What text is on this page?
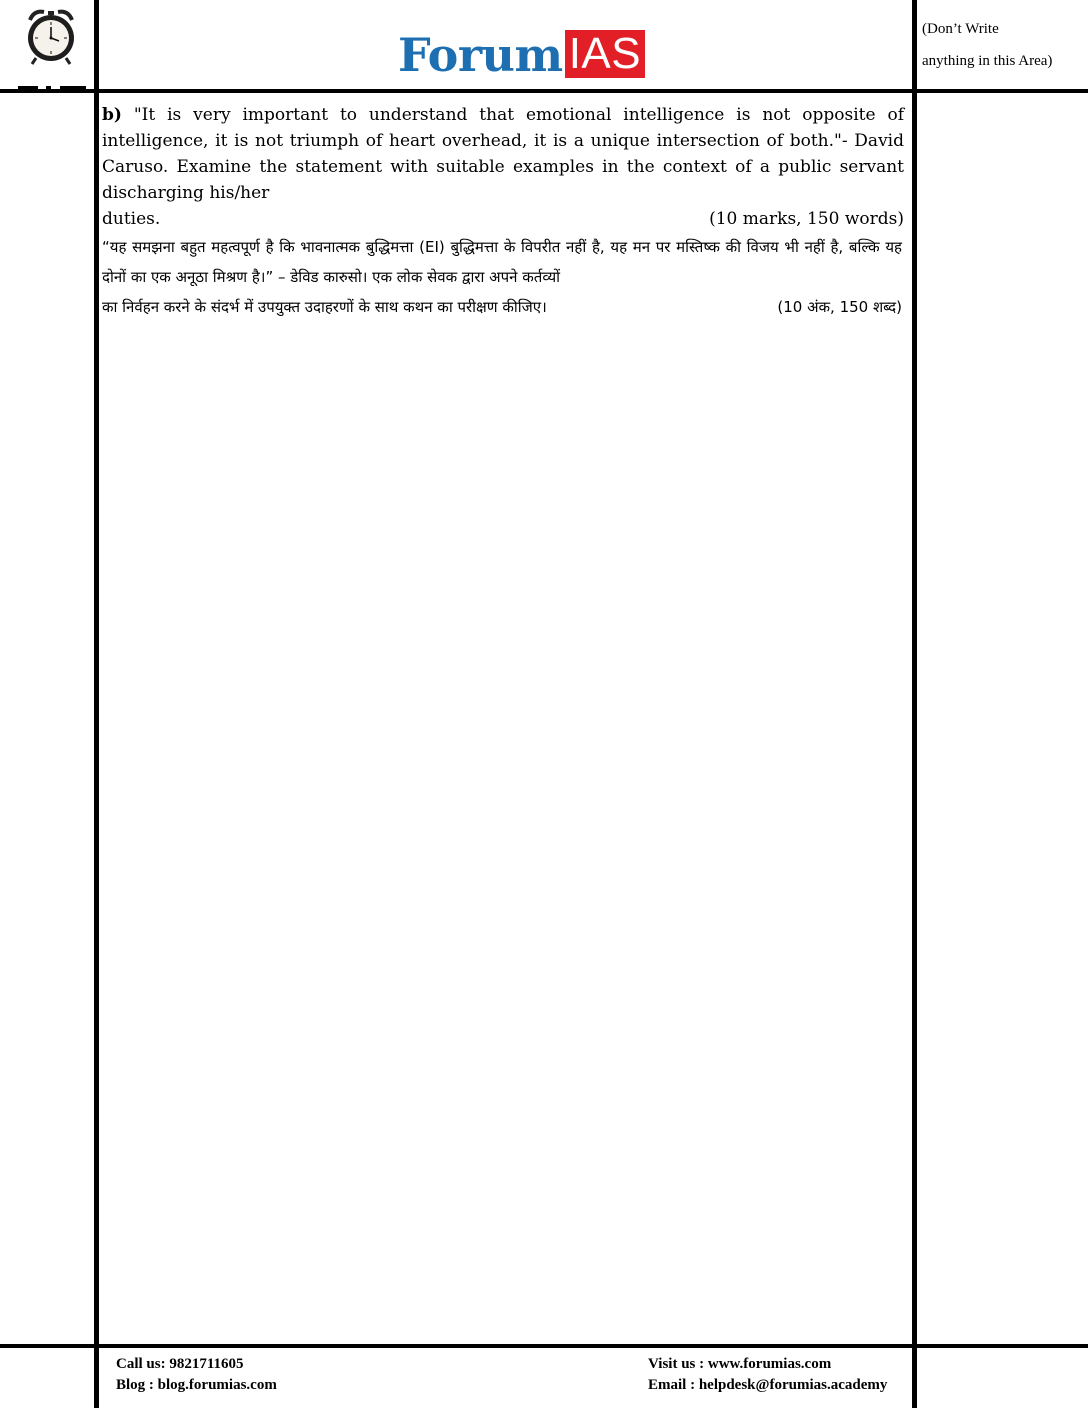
Forum IAS	(Don’t Write
anything in this Area)
b) "It is very important to understand that emotional intelligence is not opposite of intelligence, it is not triumph of heart overhead, it is a unique intersection of both."- David Caruso. Examine the statement with suitable examples in the context of a public servant discharging his/her
duties.	(10 marks, 150 words)
“यह समझना बहुत महत्वपूर्ण है कि भावनात्मक बुद्धिमत्ता (EI) बुद्धिमत्ता के विपरीत नहीं है, यह मन पर मस्तिष्क की विजय भी नहीं है, बल्कि यह दोनों का एक अनूठा मिश्रण है।” – डेविड कारुसो। एक लोक सेवक द्वारा अपने कर्तव्यों
का निर्वहन करने के संदर्भ में उपयुक्त उदाहरणों के साथ कथन का परीक्षण कीजिए।	(10 अंक, 150 शब्द)
Call us: 9821711605
Blog : blog.forumias.com
Visit us : www.forumias.com
Email : helpdesk@forumias.academy
